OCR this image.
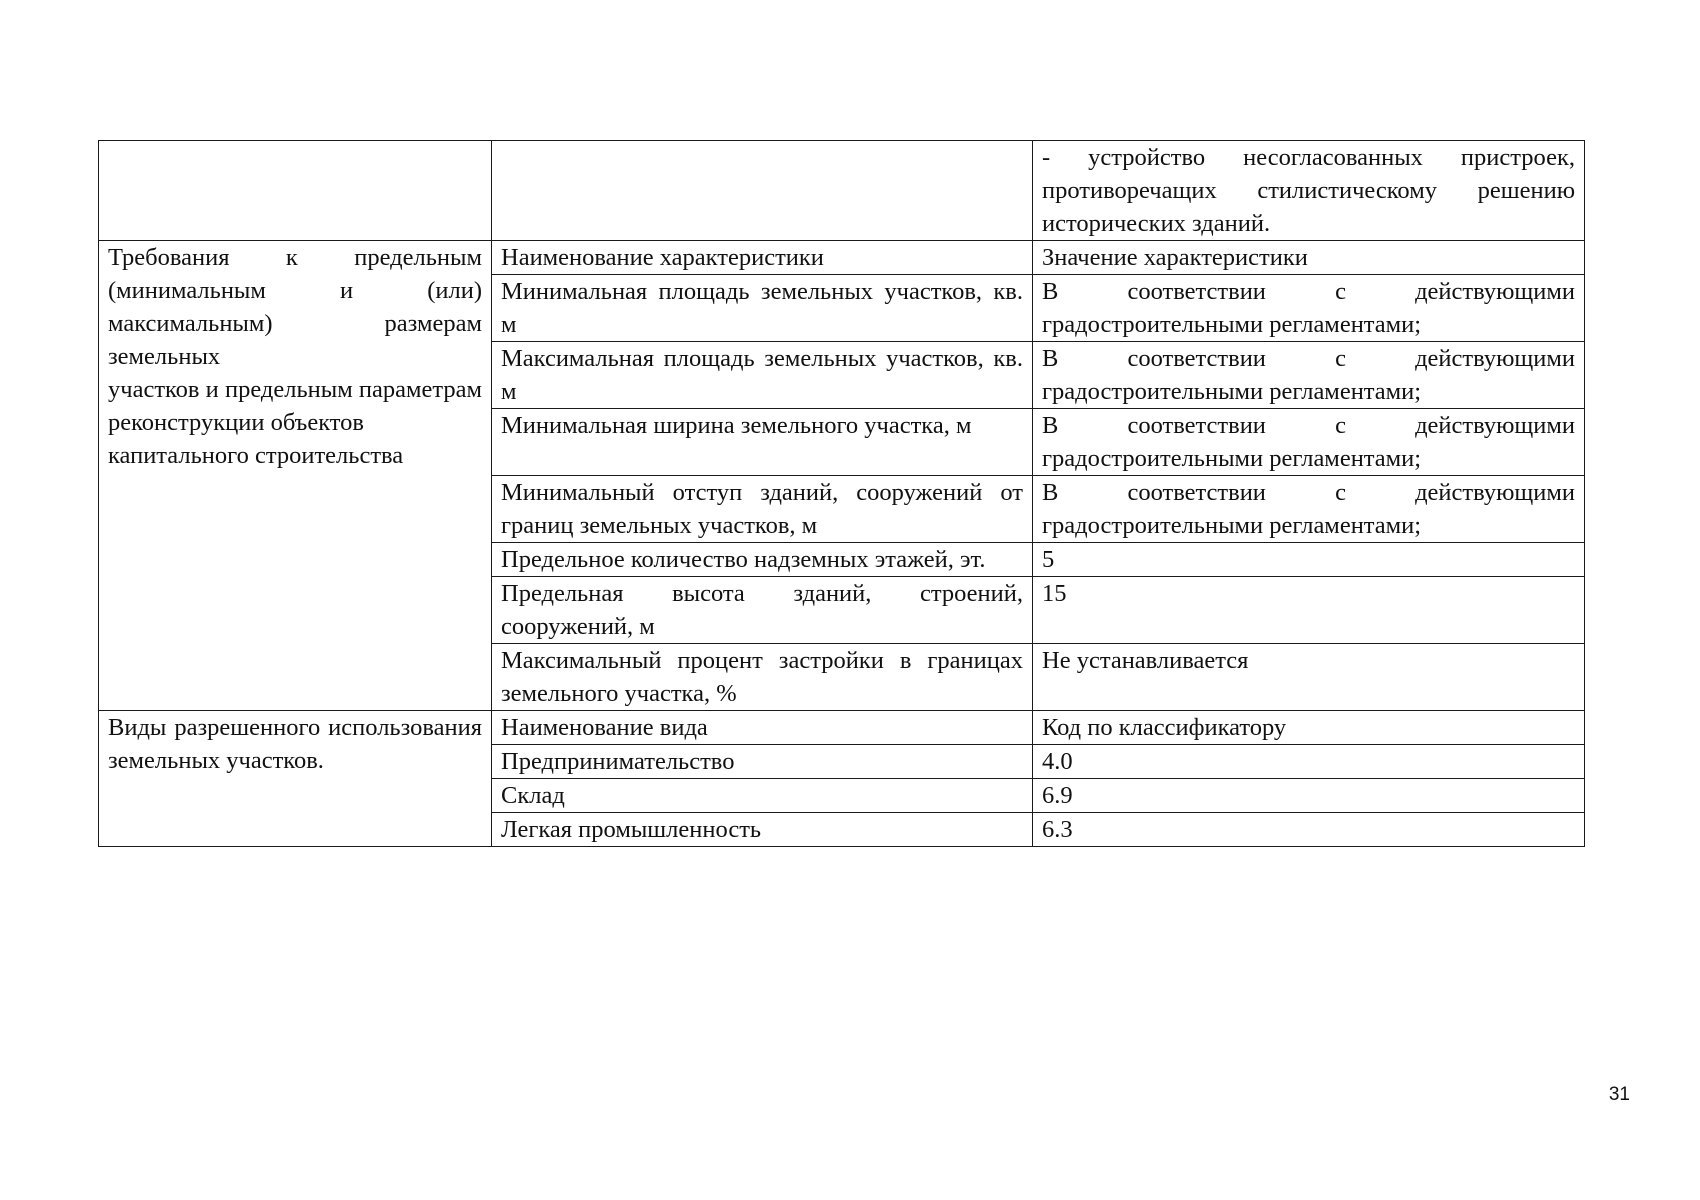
		- устройство несогласованных пристроек, противоречащих стилистическому решению исторических зданий.

Требования к предельным (минимальным и (или) максимальным) размерам земельных
участков и предельным параметрам реконструкции объектов
капитального строительства	Наименование характеристики	Значение характеристики
	Минимальная площадь земельных участков, кв. м	В соответствии с действующими градостроительными регламентами;
	Максимальная площадь земельных участков, кв. м	В соответствии с действующими градостроительными регламентами;
	Минимальная ширина земельного участка, м	В соответствии с действующими градостроительными регламентами;
	Минимальный отступ зданий, сооружений от границ земельных участков, м	В соответствии с действующими градостроительными регламентами;
	Предельное количество надземных этажей, эт.	5
	Предельная высота зданий, строений, сооружений, м	15
	Максимальный процент застройки в границах земельного участка, %	Не устанавливается
Виды разрешенного использования земельных участков.	Наименование вида	Код по классификатору
	Предпринимательство	4.0
	Склад	6.9
	Легкая промышленность	6.3
31
